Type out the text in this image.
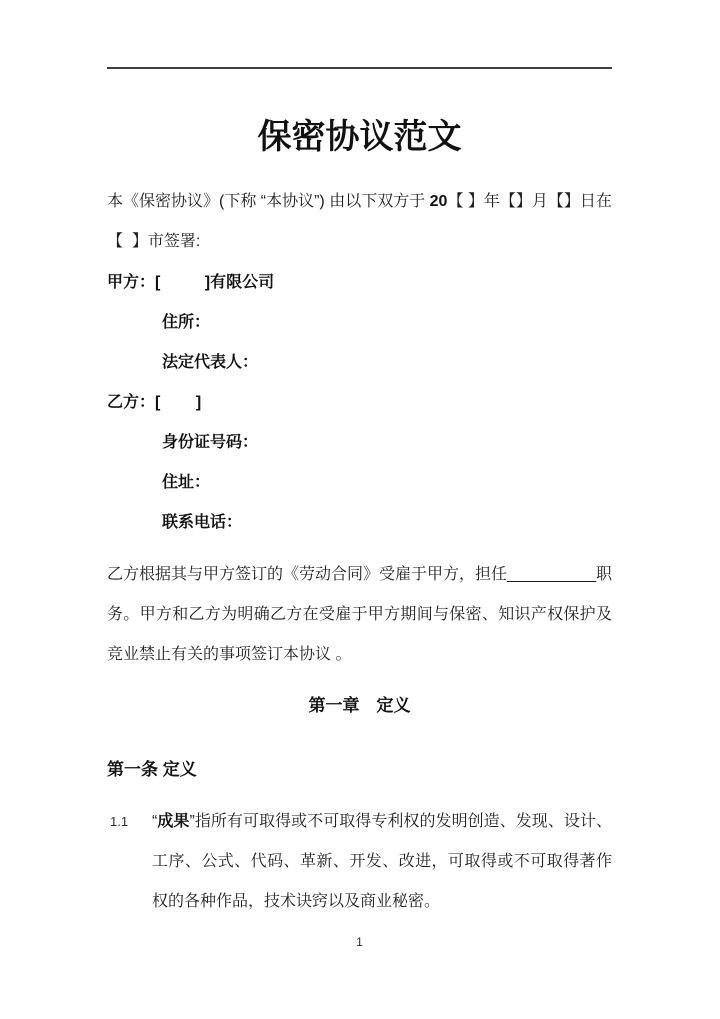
保密协议范文

本《保密协议》(下称 “本协议”) 由以下双方于 20【 】年【】月【】日在【  】市签署:

甲方：[          ]有限公司
住所：
法定代表人：
乙方：[        ]
身份证号码：
住址：
联系电话：

乙方根据其与甲方签订的《劳动合同》受雇于甲方，担任__________职务。甲方和乙方为明确乙方在受雇于甲方期间与保密、知识产权保护及竞业禁止有关的事项签订本协议 。

第一章　定义
第一条 定义
1.1 “成果”指所有可取得或不可取得专利权的发明创造、发现、设计、工序、公式、代码、革新、开发、改进，可取得或不可取得著作权的各种作品，技术诀窍以及商业秘密。

1
